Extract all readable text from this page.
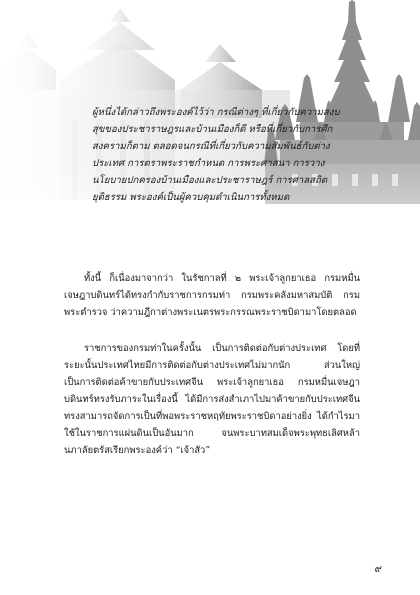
ผู้หนึ่งได้กล่าวถึงพระองค์ไว้ว่า กรณีต่างๆ ที่เกี่ยวกับความสงบสุขของประชาราษฎรและบ้านเมืองก็ดี หรือที่เกี่ยวกับการศึกสงครามก็ตาม ตลอดจนกรณีที่เกี่ยวกับความสัมพันธ์กับต่างประเทศ การตราพระราชกำหนด การพระศาสนา การวางนโยบายปกครองบ้านเมืองและประชาราษฎร์ การศาลสถิตยุติธรรม พระองค์เป็นผู้ควบคุมดำเนินการทั้งหมด

ทั้งนี้ ก็เนื่องมาจากว่า ในรัชกาลที่ ๒ พระเจ้าลูกยาเธอ กรมหมื่นเจษฎาบดินทร์ได้ทรงกำกับราชการกรมท่า กรมพระคลังมหาสมบัติ กรมพระตำรวจ ว่าความฎีกาต่างพระเนตรพระกรรณพระราชบิดามาโดยตลอด

ราชการของกรมท่าในครั้งนั้น เป็นการติดต่อกับต่างประเทศ โดยที่ระยะนั้นประเทศไทยมีการติดต่อกับต่างประเทศไม่มากนัก ส่วนใหญ่เป็นการติดต่อค้าขายกับประเทศจีน พระเจ้าลูกยาเธอ กรมหมื่นเจษฎาบดินทร์ทรงรับภาระในเรื่องนี้ ได้มีการส่งสำเภาไปมาค้าขายกับประเทศจีน ทรงสามารถจัดการเป็นที่พอพระราชหฤทัยพระราชบิดาอย่างยิ่ง ได้กำไรมาใช้ในราชการแผ่นดินเป็นอันมาก จนพระบาทสมเด็จพระพุทธเลิศหล้านภาลัยตรัสเรียกพระองค์ว่า “เจ้าสัว”

๙
